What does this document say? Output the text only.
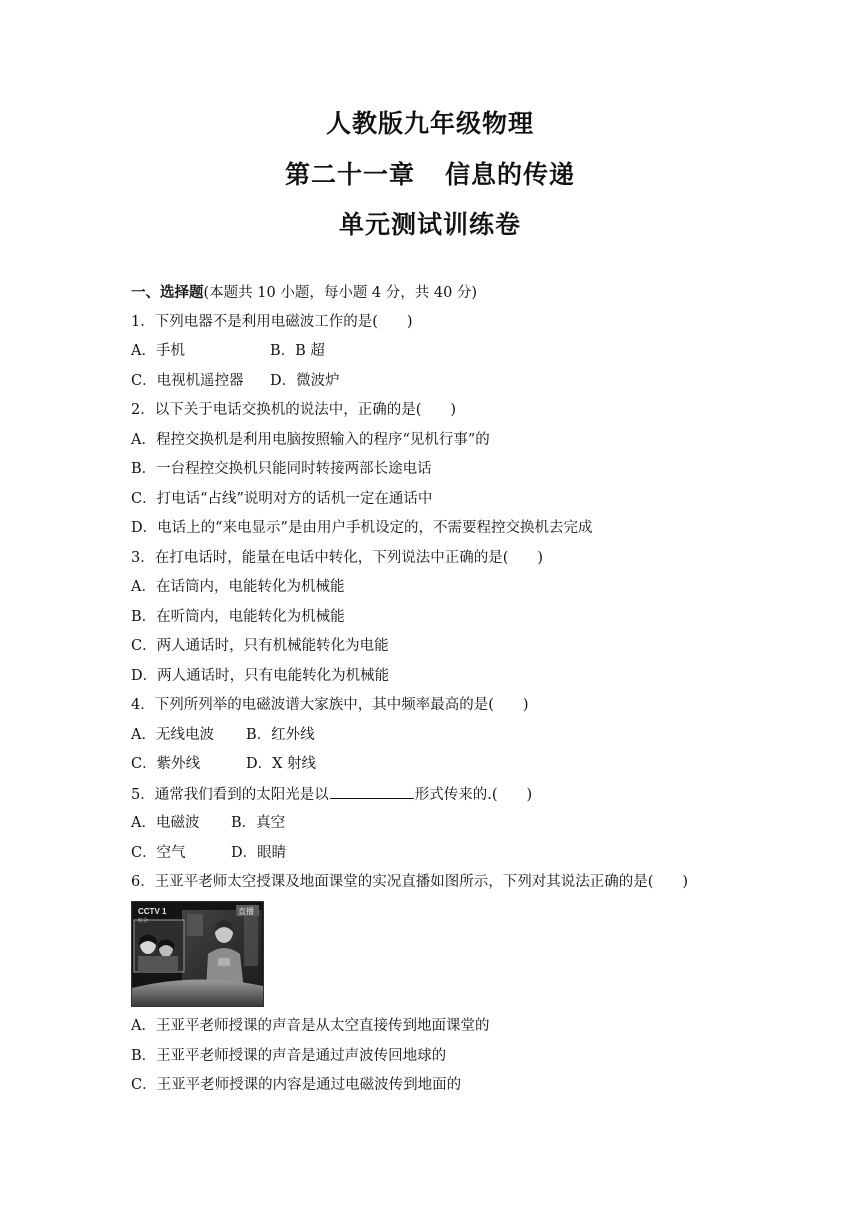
人教版九年级物理
第二十一章 信息的传递
单元测试训练卷
一、选择题(本题共 10 小题，每小题 4 分，共 40 分)
1．下列电器不是利用电磁波工作的是(　　)
A．手机	B．B 超
C．电视机遥控器 D．微波炉
2．以下关于电话交换机的说法中，正确的是(　　)
A．程控交换机是利用电脑按照输入的程序“见机行事”的
B．一台程控交换机只能同时转接两部长途电话
C．打电话“占线”说明对方的话机一定在通话中
D．电话上的“来电显示”是由用户手机设定的，不需要程控交换机去完成
3．在打电话时，能量在电话中转化，下列说法中正确的是(　　)
A．在话筒内，电能转化为机械能
B．在听筒内，电能转化为机械能
C．两人通话时，只有机械能转化为电能
D．两人通话时，只有电能转化为机械能
4．下列所列举的电磁波谱大家族中，其中频率最高的是(　　)
A．无线电波 B．红外线
C．紫外线	D．X 射线
5．通常我们看到的太阳光是以	形式传来的.(　　)
A．电磁波 B．真空
C．空气	D．眼睛
6．王亚平老师太空授课及地面课堂的实况直播如图所示，下列对其说法正确的是(　　)
CCTV 1
综合
直播
A．王亚平老师授课的声音是从太空直接传到地面课堂的
B．王亚平老师授课的声音是通过声波传回地球的
C．王亚平老师授课的内容是通过电磁波传到地面的
